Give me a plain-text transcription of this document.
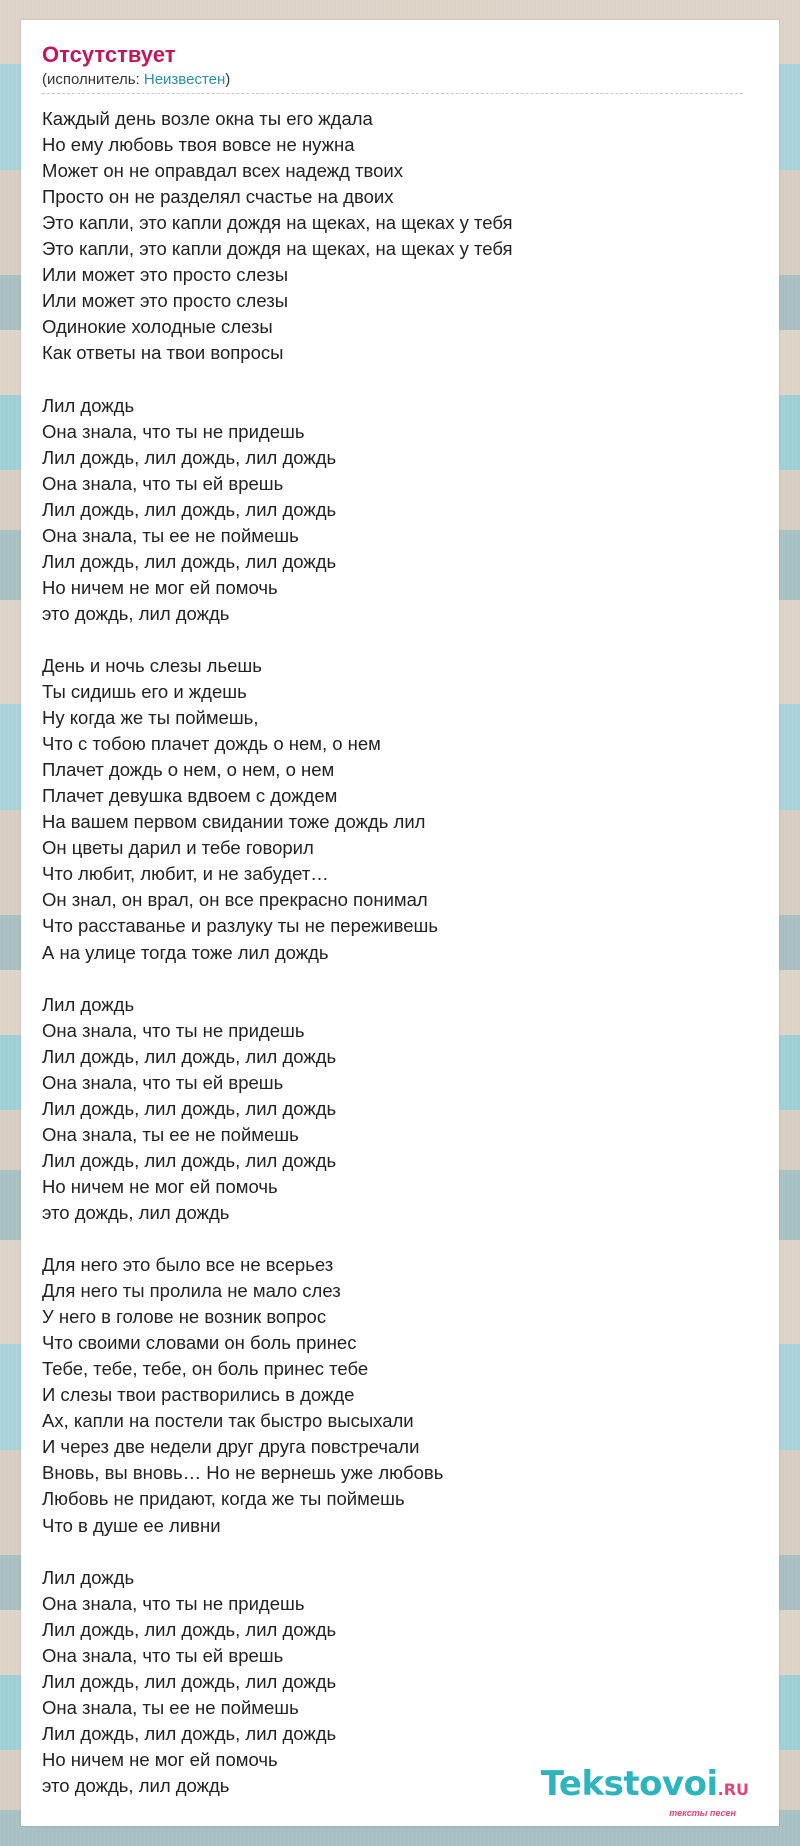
Отсутствует
(исполнитель: Неизвестен)
Каждый день возле окна ты его ждала
Но ему любовь твоя вовсе не нужна
Может он не оправдал всех надежд твоих
Просто он не разделял счастье на двоих
Это капли, это капли дождя на щеках, на щеках у тебя
Это капли, это капли дождя на щеках, на щеках у тебя
Или может это просто слезы
Или может это просто слезы
Одинокие холодные слезы
Как ответы на твои вопросы
Лил дождь
Она знала, что ты не придешь
Лил дождь, лил дождь, лил дождь
Она знала, что ты ей врешь
Лил дождь, лил дождь, лил дождь
Она знала, ты ее не поймешь
Лил дождь, лил дождь, лил дождь
Но ничем не мог ей помочь
это дождь, лил дождь
День и ночь слезы льешь
Ты сидишь его и ждешь
Ну когда же ты поймешь,
Что с тобою плачет дождь о нем, о нем
Плачет дождь о нем, о нем, о нем
Плачет девушка вдвоем с дождем
На вашем первом свидании тоже дождь лил
Он цветы дарил и тебе говорил
Что любит, любит, и не забудет…
Он знал, он врал, он все прекрасно понимал
Что расставанье и разлуку ты не переживешь
А на улице тогда тоже лил дождь
Лил дождь
Она знала, что ты не придешь
Лил дождь, лил дождь, лил дождь
Она знала, что ты ей врешь
Лил дождь, лил дождь, лил дождь
Она знала, ты ее не поймешь
Лил дождь, лил дождь, лил дождь
Но ничем не мог ей помочь
это дождь, лил дождь
Для него это было все не всерьез
Для него ты пролила не мало слез
У него в голове не возник вопрос
Что своими словами он боль принес
Тебе, тебе, тебе, он боль принес тебе
И слезы твои растворились в дожде
Ах, капли на постели так быстро высыхали
И через две недели друг друга повстречали
Вновь, вы вновь… Но не вернешь уже любовь
Любовь не придают, когда же ты поймешь
Что в душе ее ливни
Лил дождь
Она знала, что ты не придешь
Лил дождь, лил дождь, лил дождь
Она знала, что ты ей врешь
Лил дождь, лил дождь, лил дождь
Она знала, ты ее не поймешь
Лил дождь, лил дождь, лил дождь
Но ничем не мог ей помочь
это дождь, лил дождь	Tekstovoi.RU
тексты песен
